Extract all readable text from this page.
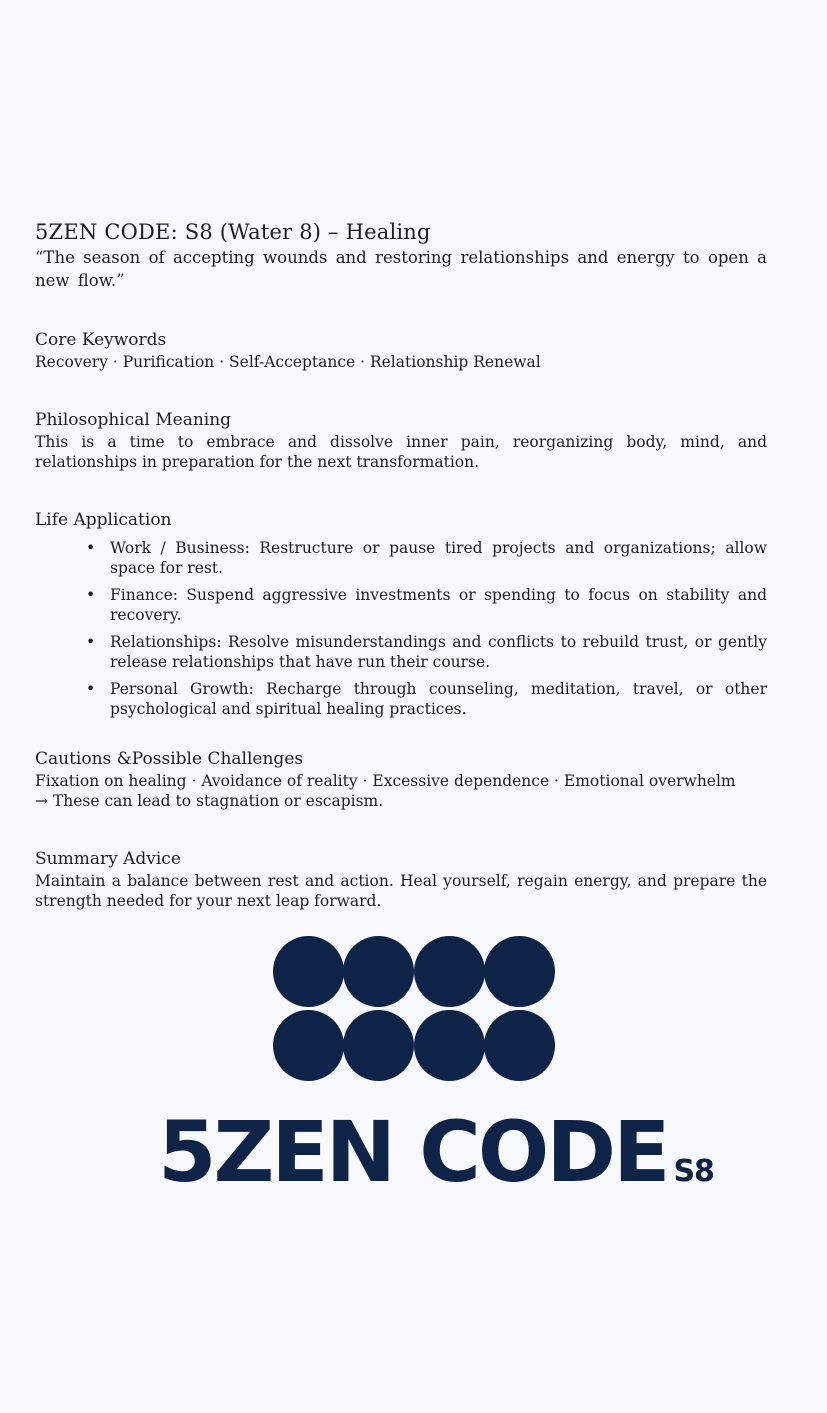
5ZEN CODE: S8 (Water 8) – Healing

“The season of accepting wounds and restoring relationships and energy to open a new flow.”

Core Keywords

Recovery · Purification · Self-Acceptance · Relationship Renewal

Philosophical Meaning

This is a time to embrace and dissolve inner pain, reorganizing body, mind, and relationships in preparation for the next transformation.

Life Application
• Work / Business: Restructure or pause tired projects and organizations; allow space for rest.
• Finance: Suspend aggressive investments or spending to focus on stability and recovery.
• Relationships: Resolve misunderstandings and conflicts to rebuild trust, or gently release relationships that have run their course.
• Personal Growth: Recharge through counseling, meditation, travel, or other psychological and spiritual healing practices.
Cautions &Possible Challenges

Fixation on healing · Avoidance of reality · Excessive dependence · Emotional overwhelm
→ These can lead to stagnation or escapism.

Summary Advice

Maintain a balance between rest and action. Heal yourself, regain energy, and prepare the strength needed for your next leap forward.

5ZEN CODE S8
